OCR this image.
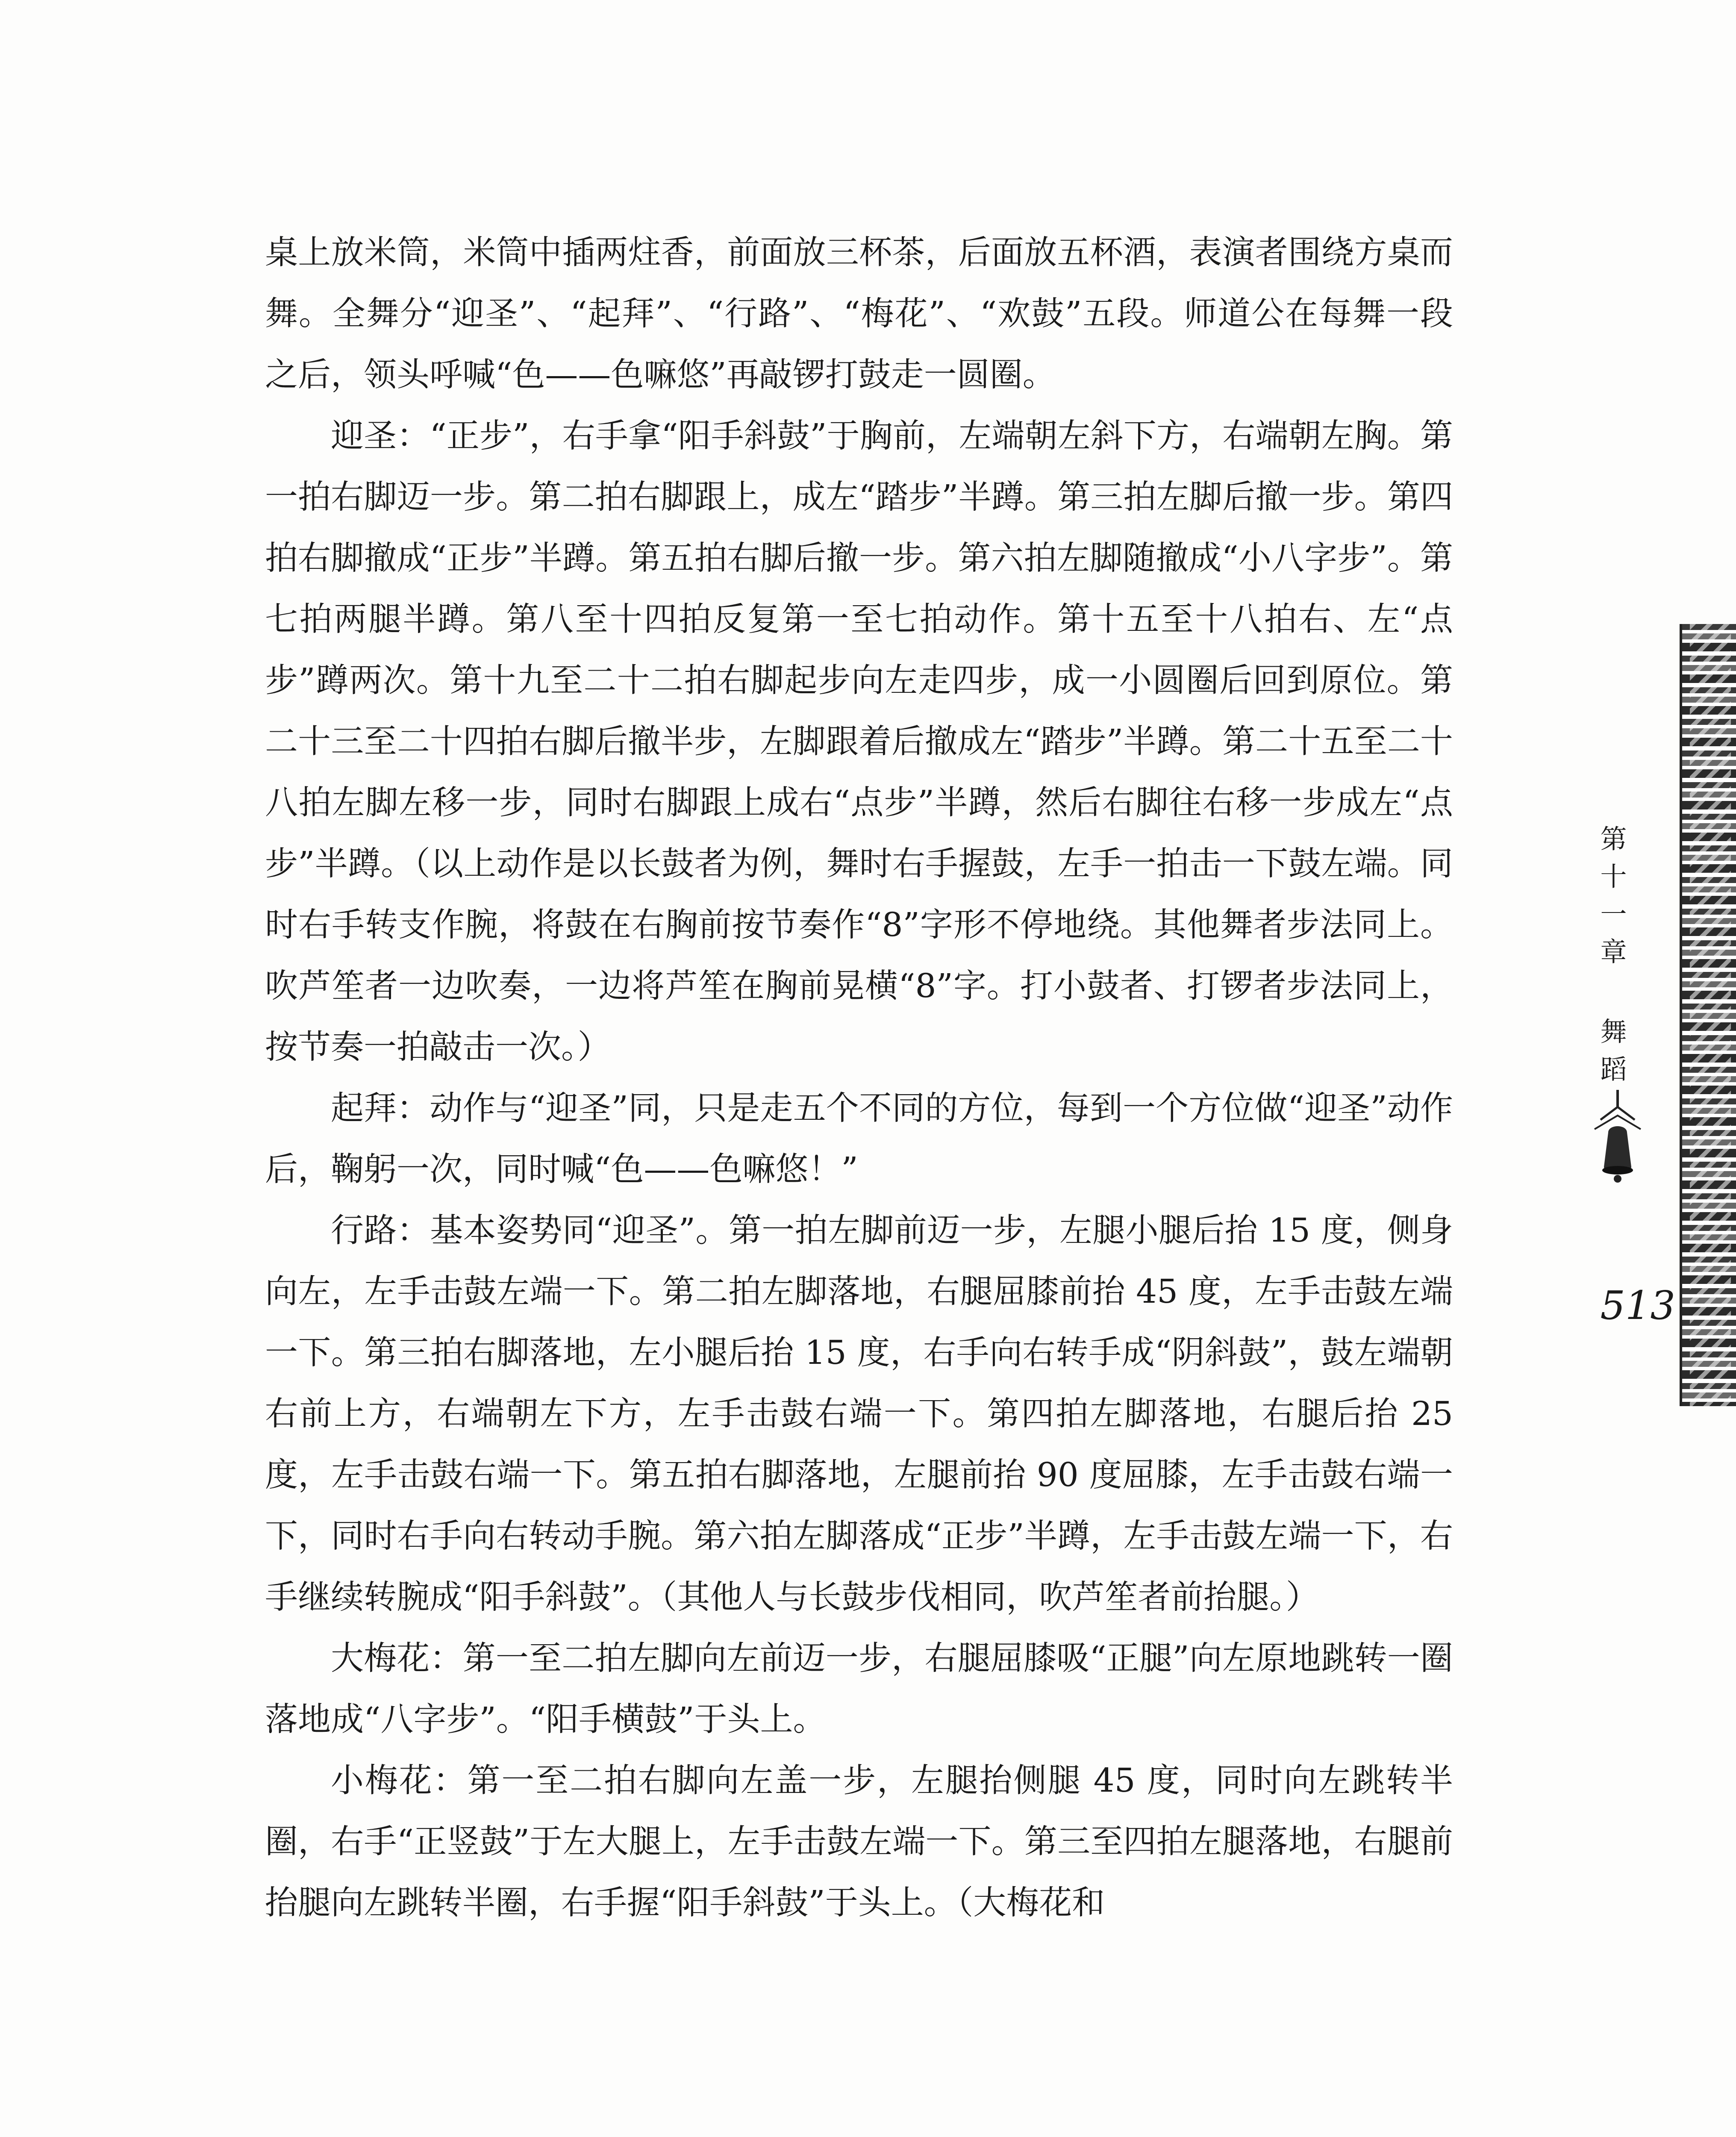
桌上放米筒，米筒中插两炷香，前面放三杯茶，后面放五杯酒，表演者围绕方桌而舞。全舞分“迎圣”、“起拜”、“行路”、“梅花”、“欢鼓”五段。师道公在每舞一段之后，领头呼喊“色——色嘛悠”再敲锣打鼓走一圆圈。

迎圣：“正步”，右手拿“阳手斜鼓”于胸前，左端朝左斜下方，右端朝左胸。第一拍右脚迈一步。第二拍右脚跟上，成左“踏步”半蹲。第三拍左脚后撤一步。第四拍右脚撤成“正步”半蹲。第五拍右脚后撤一步。第六拍左脚随撤成“小八字步”。第七拍两腿半蹲。第八至十四拍反复第一至七拍动作。第十五至十八拍右、左“点步”蹲两次。第十九至二十二拍右脚起步向左走四步，成一小圆圈后回到原位。第二十三至二十四拍右脚后撤半步，左脚跟着后撤成左“踏步”半蹲。第二十五至二十八拍左脚左移一步，同时右脚跟上成右“点步”半蹲，然后右脚往右移一步成左“点步”半蹲。（以上动作是以长鼓者为例，舞时右手握鼓，左手一拍击一下鼓左端。同时右手转支作腕，将鼓在右胸前按节奏作“8”字形不停地绕。其他舞者步法同上。吹芦笙者一边吹奏，一边将芦笙在胸前晃横“8”字。打小鼓者、打锣者步法同上，按节奏一拍敲击一次。）

起拜：动作与“迎圣”同，只是走五个不同的方位，每到一个方位做“迎圣”动作后，鞠躬一次，同时喊“色——色嘛悠！”

行路：基本姿势同“迎圣”。第一拍左脚前迈一步，左腿小腿后抬 15 度，侧身向左，左手击鼓左端一下。第二拍左脚落地，右腿屈膝前抬 45 度，左手击鼓左端一下。第三拍右脚落地，左小腿后抬 15 度，右手向右转手成“阴斜鼓”，鼓左端朝右前上方，右端朝左下方，左手击鼓右端一下。第四拍左脚落地，右腿后抬 25 度，左手击鼓右端一下。第五拍右脚落地，左腿前抬 90 度屈膝，左手击鼓右端一下，同时右手向右转动手腕。第六拍左脚落成“正步”半蹲，左手击鼓左端一下，右手继续转腕成“阳手斜鼓”。（其他人与长鼓步伐相同，吹芦笙者前抬腿。）

大梅花：第一至二拍左脚向左前迈一步，右腿屈膝吸“正腿”向左原地跳转一圈落地成“八字步”。“阳手横鼓”于头上。

小梅花：第一至二拍右脚向左盖一步，左腿抬侧腿 45 度，同时向左跳转半圈，右手“正竖鼓”于左大腿上，左手击鼓左端一下。第三至四拍左腿落地，右腿前抬腿向左跳转半圈，右手握“阳手斜鼓”于头上。（大梅花和

第十一章 舞蹈
513
